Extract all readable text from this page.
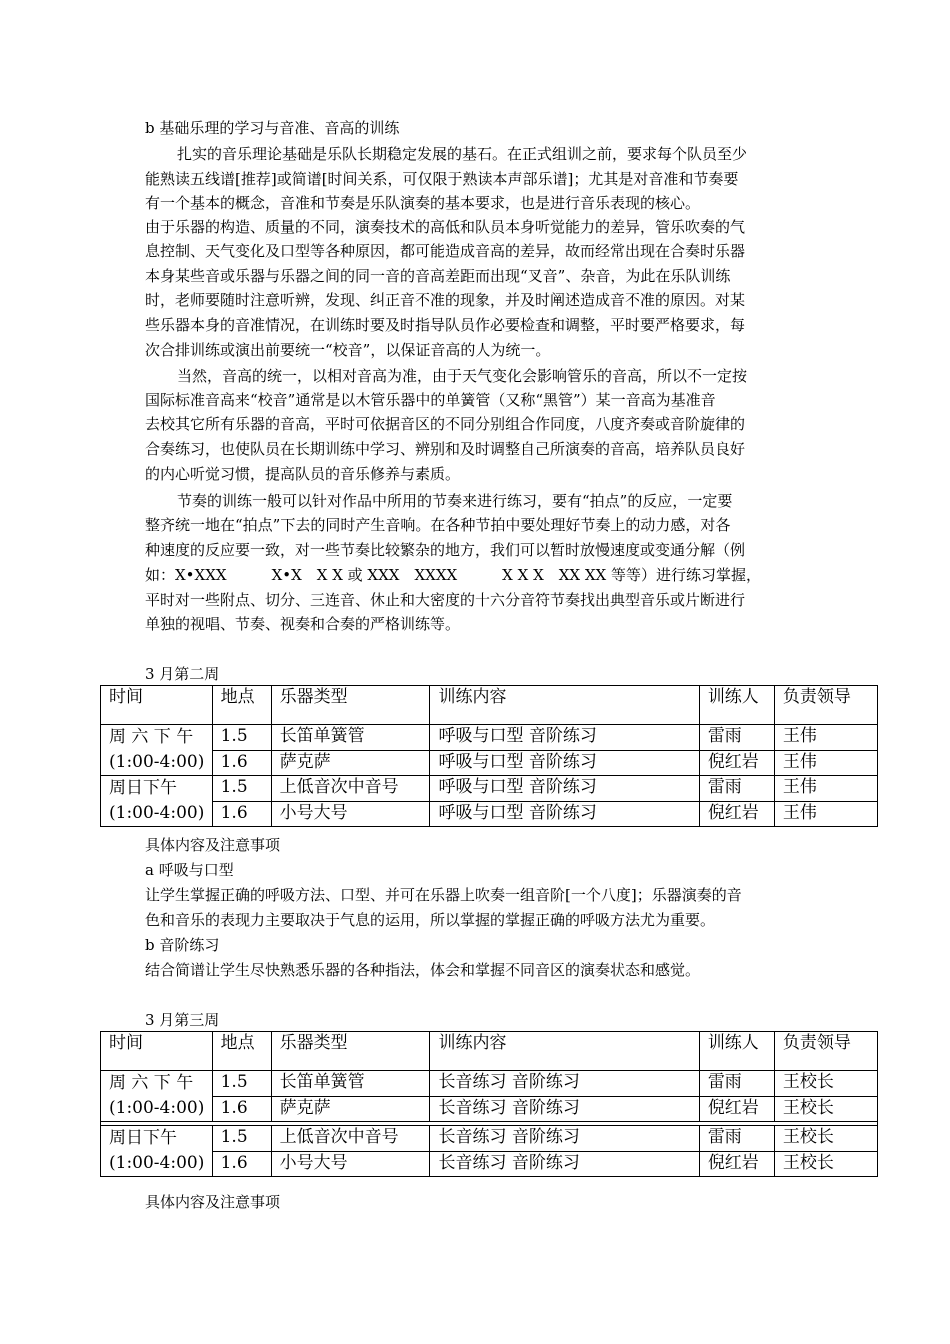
b 基础乐理的学习与音准、音高的训练
扎实的音乐理论基础是乐队长期稳定发展的基石。在正式组训之前，要求每个队员至少
能熟读五线谱[推荐]或简谱[时间关系，可仅限于熟读本声部乐谱]；尤其是对音准和节奏要
有一个基本的概念，音准和节奏是乐队演奏的基本要求，也是进行音乐表现的核心。
由于乐器的构造、质量的不同，演奏技术的高低和队员本身听觉能力的差异，管乐吹奏的气
息控制、天气变化及口型等各种原因，都可能造成音高的差异，故而经常出现在合奏时乐器
本身某些音或乐器与乐器之间的同一音的音高差距而出现“叉音”、杂音，为此在乐队训练
时，老师要随时注意听辨，发现、纠正音不准的现象，并及时阐述造成音不准的原因。对某
些乐器本身的音准情况，在训练时要及时指导队员作必要检查和调整，平时要严格要求，每
次合排训练或演出前要统一“校音”，以保证音高的人为统一。
当然，音高的统一，以相对音高为准，由于天气变化会影响管乐的音高，所以不一定按
国际标准音高来“校音”通常是以木管乐器中的单簧管（又称“黑管”）某一音高为基准音
去校其它所有乐器的音高，平时可依据音区的不同分别组合作同度，八度齐奏或音阶旋律的
合奏练习，也使队员在长期训练中学习、辨别和及时调整自己所演奏的音高，培养队员良好
的内心听觉习惯，提高队员的音乐修养与素质。
节奏的训练一般可以针对作品中所用的节奏来进行练习，要有“拍点”的反应，一定要
整齐统一地在“拍点”下去的同时产生音响。在各种节拍中要处理好节奏上的动力感，对各
种速度的反应要一致，对一些节奏比较繁杂的地方，我们可以暂时放慢速度或变通分解（例
如：X•XXX　　　X•X　X X 或 XXX　XXXX　　　X X X　XX XX 等等）进行练习掌握，
平时对一些附点、切分、三连音、休止和大密度的十六分音符节奏找出典型音乐或片断进行
单独的视唱、节奏、视奏和合奏的严格训练等。
3 月第二周
时间	地点	乐器类型	训练内容	训练人	负责领导

周 六 下 午
(1:00-4:00)	1.5	长笛单簧管	呼吸与口型 音阶练习	雷雨	王伟
	1.6	萨克萨	呼吸与口型 音阶练习	倪红岩	王伟

周日下午
(1:00-4:00)	1.5	上低音次中音号	呼吸与口型 音阶练习	雷雨	王伟
	1.6	小号大号	呼吸与口型 音阶练习	倪红岩	王伟
具体内容及注意事项
a 呼吸与口型
让学生掌握正确的呼吸方法、口型、并可在乐器上吹奏一组音阶[一个八度]；乐器演奏的音
色和音乐的表现力主要取决于气息的运用，所以掌握的掌握正确的呼吸方法尤为重要。
b 音阶练习
结合简谱让学生尽快熟悉乐器的各种指法，体会和掌握不同音区的演奏状态和感觉。
3 月第三周
时间	地点	乐器类型	训练内容	训练人	负责领导

周 六 下 午
(1:00-4:00)	1.5	长笛单簧管	长音练习 音阶练习	雷雨	王校长
	1.6	萨克萨	长音练习 音阶练习	倪红岩	王校长

周日下午
(1:00-4:00)	1.5	上低音次中音号	长音练习 音阶练习	雷雨	王校长
	1.6	小号大号	长音练习 音阶练习	倪红岩	王校长
具体内容及注意事项
